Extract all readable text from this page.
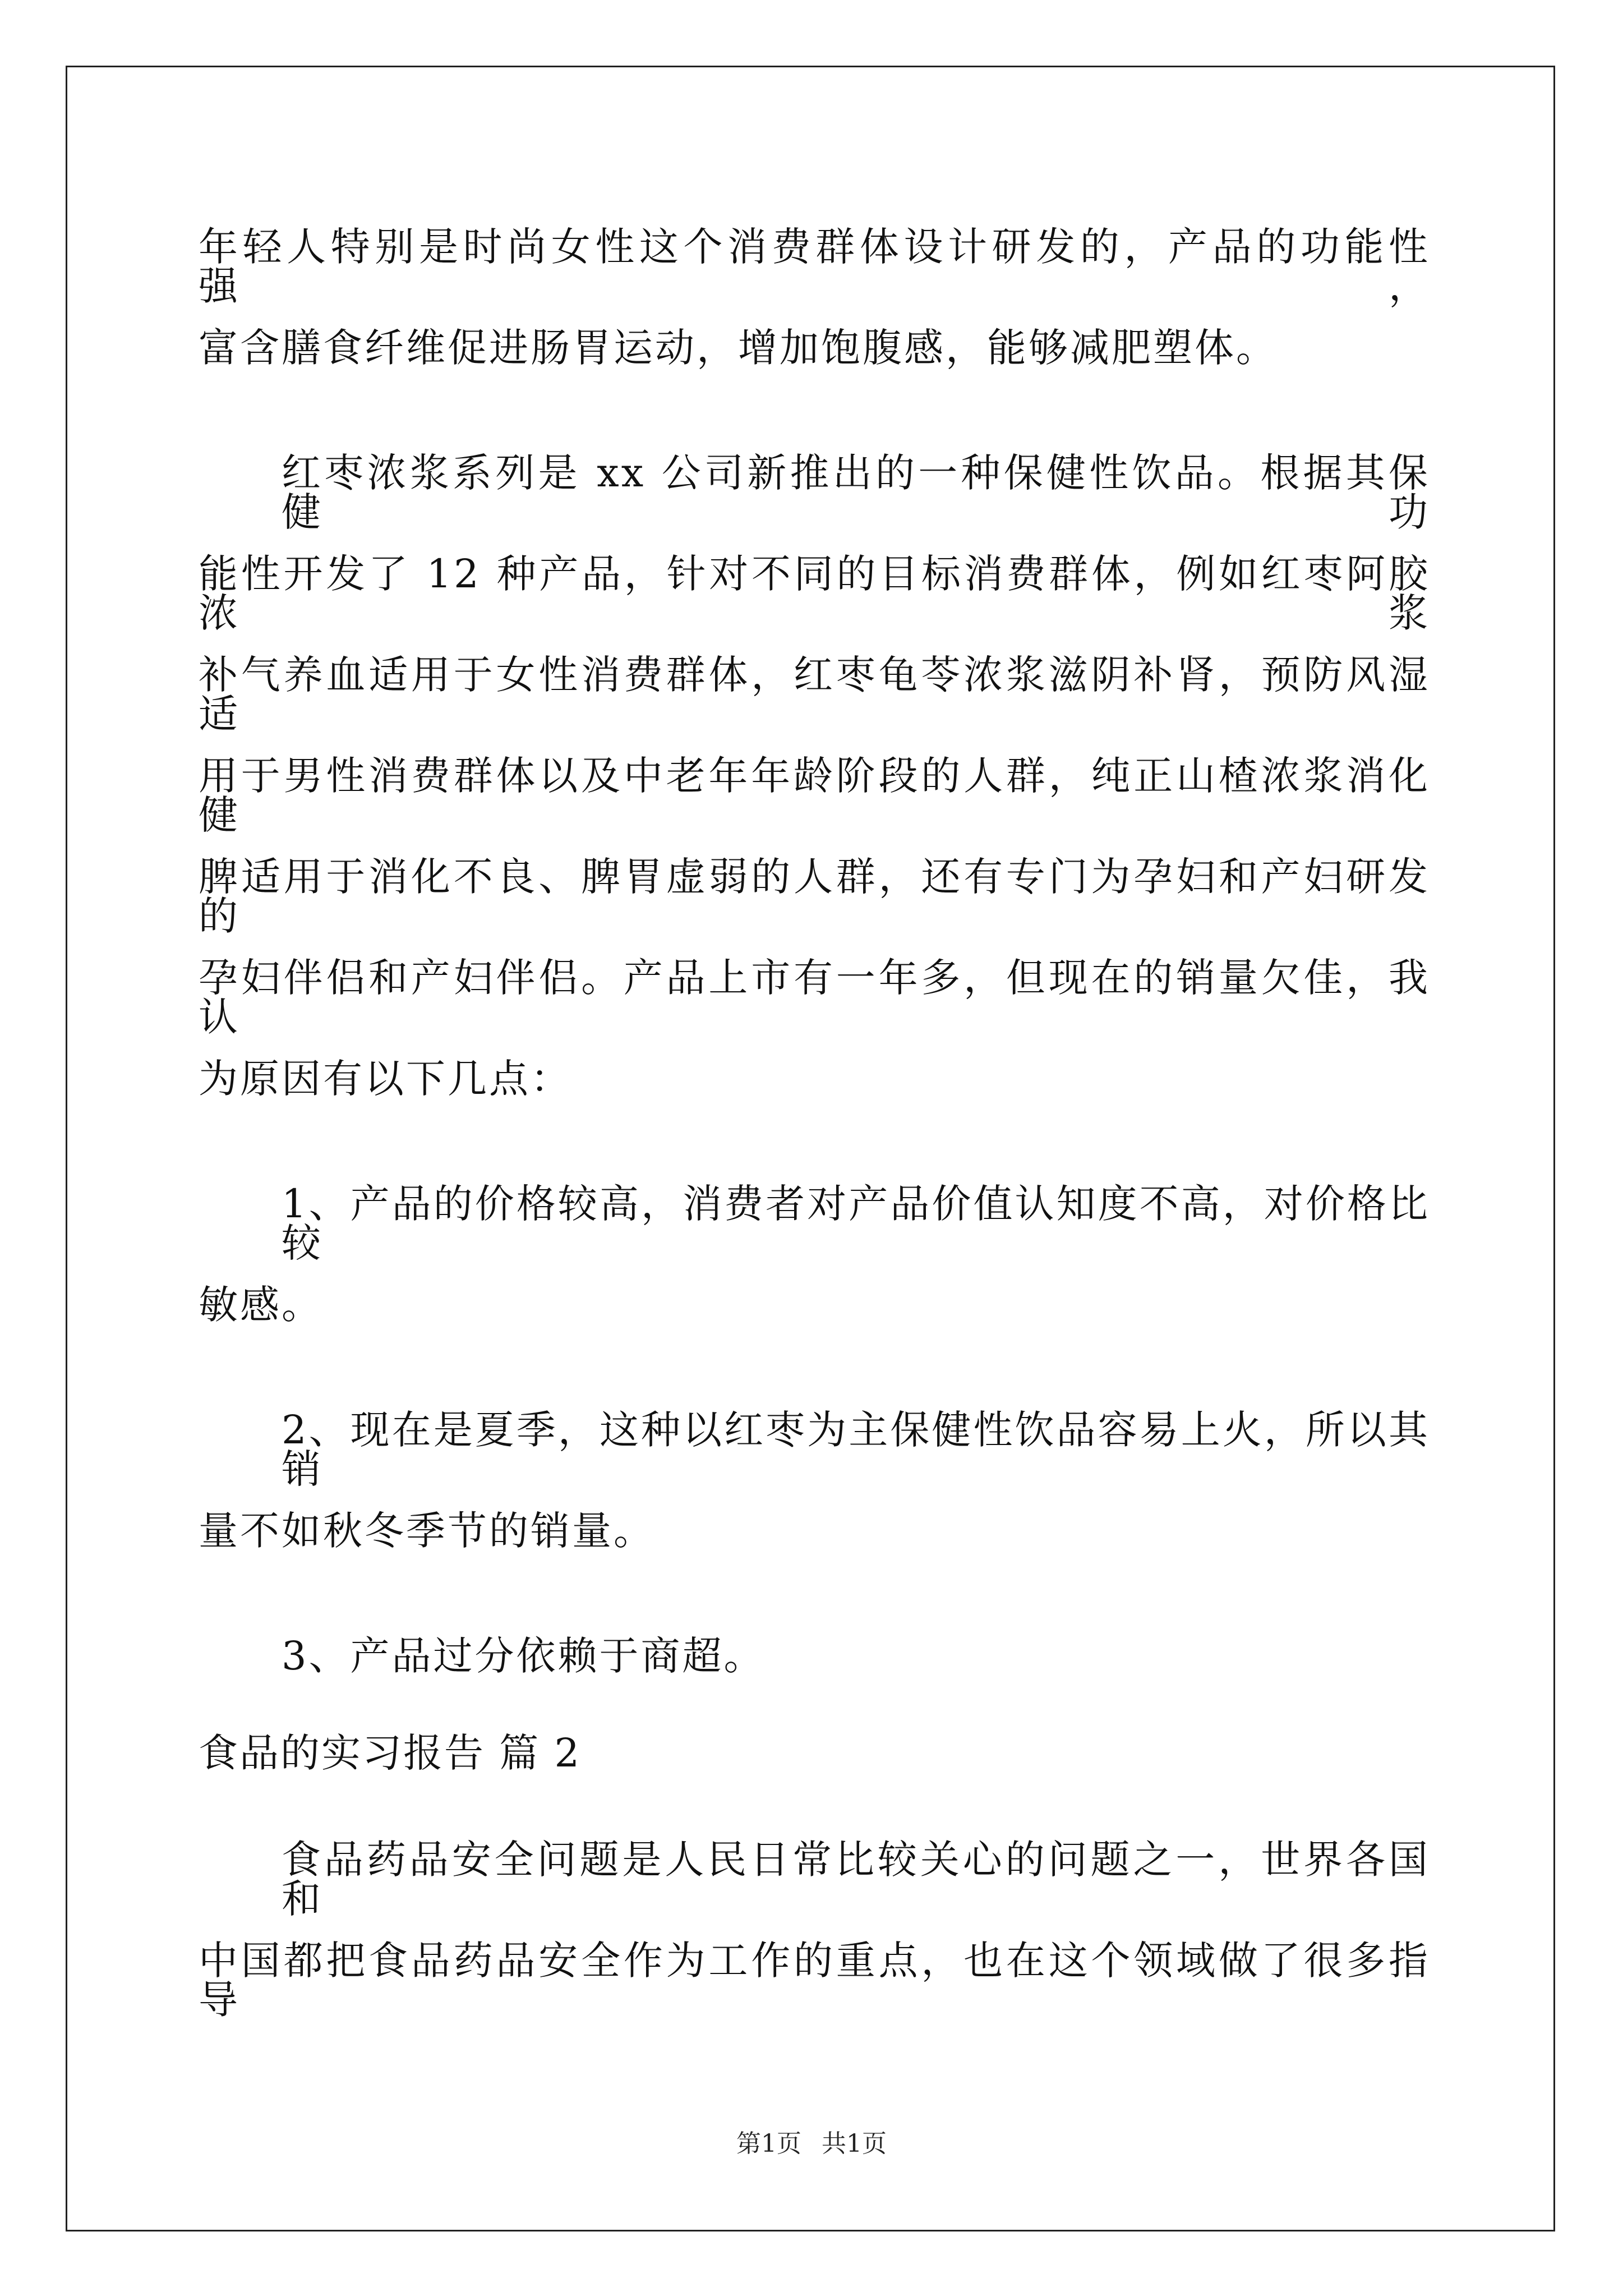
年轻人特别是时尚女性这个消费群体设计研发的，产品的功能性强，
富含膳食纤维促进肠胃运动，增加饱腹感，能够减肥塑体。
红枣浓浆系列是 xx 公司新推出的一种保健性饮品。根据其保健功
能性开发了 12 种产品，针对不同的目标消费群体，例如红枣阿胶浓浆
补气养血适用于女性消费群体，红枣龟苓浓浆滋阴补肾，预防风湿适
用于男性消费群体以及中老年年龄阶段的人群，纯正山楂浓浆消化健
脾适用于消化不良、脾胃虚弱的人群，还有专门为孕妇和产妇研发的
孕妇伴侣和产妇伴侣。产品上市有一年多，但现在的销量欠佳，我认
为原因有以下几点：
1、产品的价格较高，消费者对产品价值认知度不高，对价格比较
敏感。
2、现在是夏季，这种以红枣为主保健性饮品容易上火，所以其销
量不如秋冬季节的销量。
3、产品过分依赖于商超。
食品的实习报告 篇 2
食品药品安全问题是人民日常比较关心的问题之一，世界各国和
中国都把食品药品安全作为工作的重点，也在这个领域做了很多指导
第1页 共1页
